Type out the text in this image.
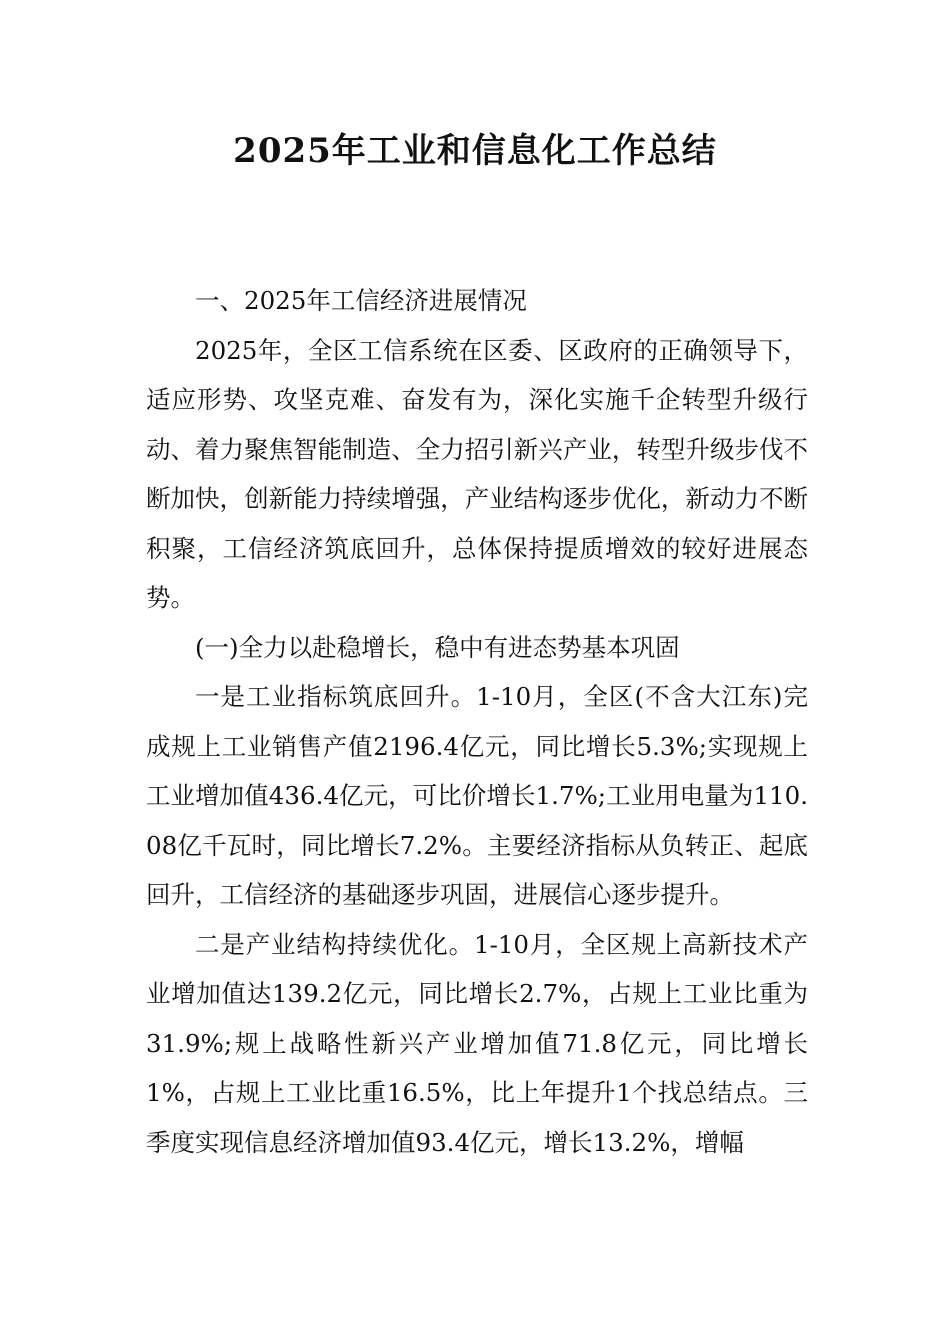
2025年工业和信息化工作总结

一、2025年工信经济进展情况

2025年，全区工信系统在区委、区政府的正确领导下，适应形势、攻坚克难、奋发有为，深化实施千企转型升级行动、着力聚焦智能制造、全力招引新兴产业，转型升级步伐不断加快，创新能力持续增强，产业结构逐步优化，新动力不断积聚，工信经济筑底回升，总体保持提质增效的较好进展态势。

(一)全力以赴稳增长，稳中有进态势基本巩固

一是工业指标筑底回升。1-10月，全区(不含大江东)完成规上工业销售产值2196.4亿元，同比增长5.3%;实现规上工业增加值436.4亿元，可比价增长1.7%;工业用电量为110.08亿千瓦时，同比增长7.2%。主要经济指标从负转正、起底回升，工信经济的基础逐步巩固，进展信心逐步提升。

二是产业结构持续优化。1-10月，全区规上高新技术产业增加值达139.2亿元，同比增长2.7%，占规上工业比重为31.9%;规上战略性新兴产业增加值71.8亿元，同比增长1%，占规上工业比重16.5%，比上年提升1个找总结点。三季度实现信息经济增加值93.4亿元，增长13.2%，增幅
